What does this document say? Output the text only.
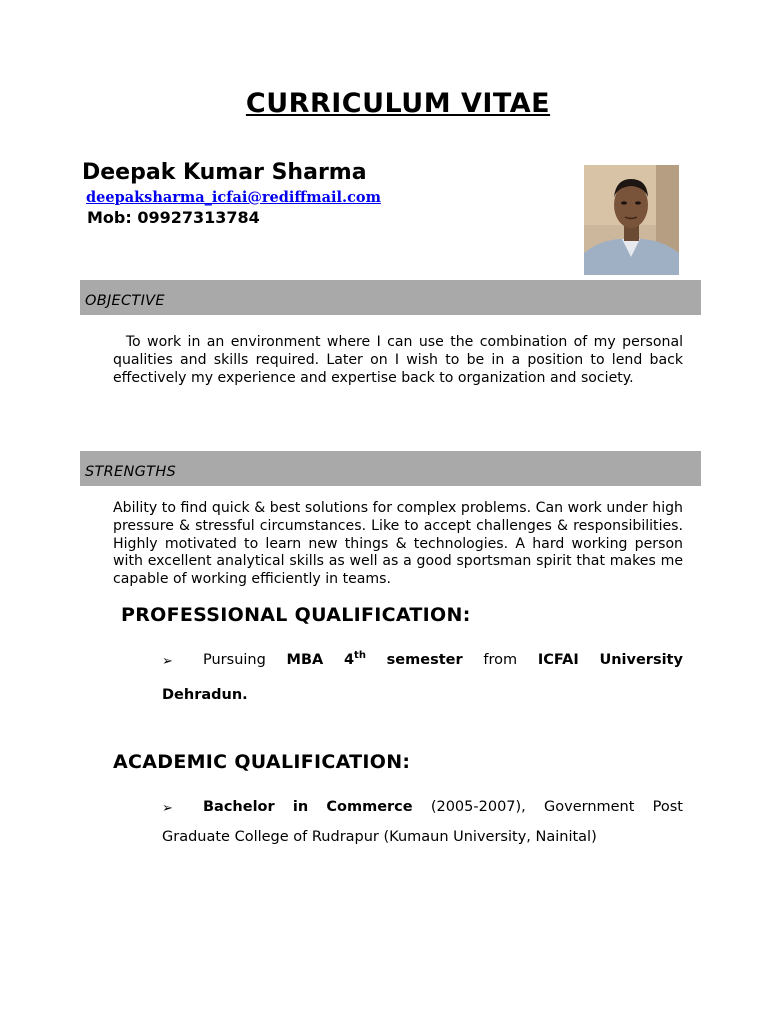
CURRICULUM VITAE
Deepak Kumar Sharma
deepaksharma_icfai@rediffmail.com
Mob: 09927313784
OBJECTIVE
To work in an environment where I can use the combination of my personal qualities and skills required. Later on I wish to be in a position to lend back effectively my experience and expertise back to organization and society.
STRENGTHS
Ability to find quick & best solutions for complex problems. Can work under high pressure & stressful circumstances. Like to accept challenges & responsibilities. Highly motivated to learn new things & technologies. A hard working person with excellent analytical skills as well as a good sportsman spirit that makes me capable of working efficiently in teams.
PROFESSIONAL QUALIFICATION:
➢ Pursuing MBA 4th semester from ICFAI University
Dehradun.
ACADEMIC QUALIFICATION:
➢ Bachelor in Commerce (2005-2007), Government Post
Graduate College of Rudrapur (Kumaun University, Nainital)
